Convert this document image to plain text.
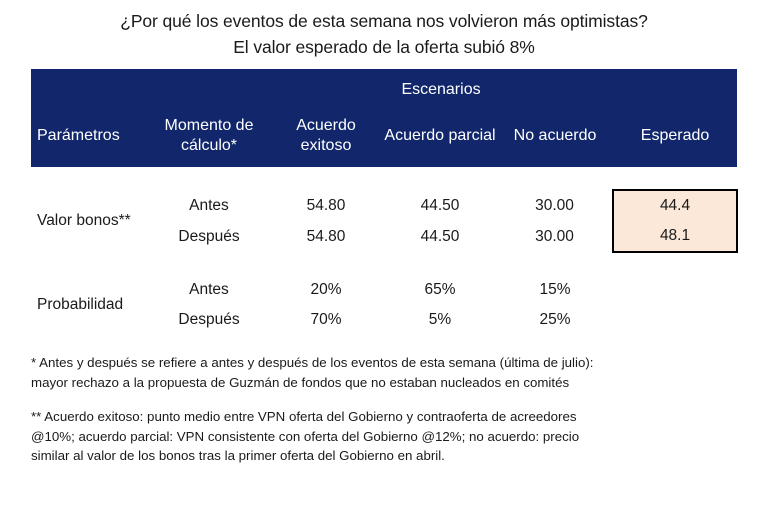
¿Por qué los eventos de esta semana nos volvieron más optimistas?
El valor esperado de la oferta subió 8%
		Escenarios			
Parámetros	Momento de cálculo*	Acuerdo exitoso	Acuerdo parcial	No acuerdo	Esperado

Valor bonos**	Antes	54.80	44.50	30.00	44.4
	Después	54.80	44.50	30.00	48.1

Probabilidad	Antes	20%	65%	15%	
	Después	70%	5%	25%	
* Antes y después se refiere a antes y después de los eventos de esta semana (última de julio):
mayor rechazo a la propuesta de Guzmán de fondos que no estaban nucleados en comités
** Acuerdo exitoso: punto medio entre VPN oferta del Gobierno y contraoferta de acreedores
@10%; acuerdo parcial: VPN consistente con oferta del Gobierno @12%; no acuerdo: precio
similar al valor de los bonos tras la primer oferta del Gobierno en abril.
